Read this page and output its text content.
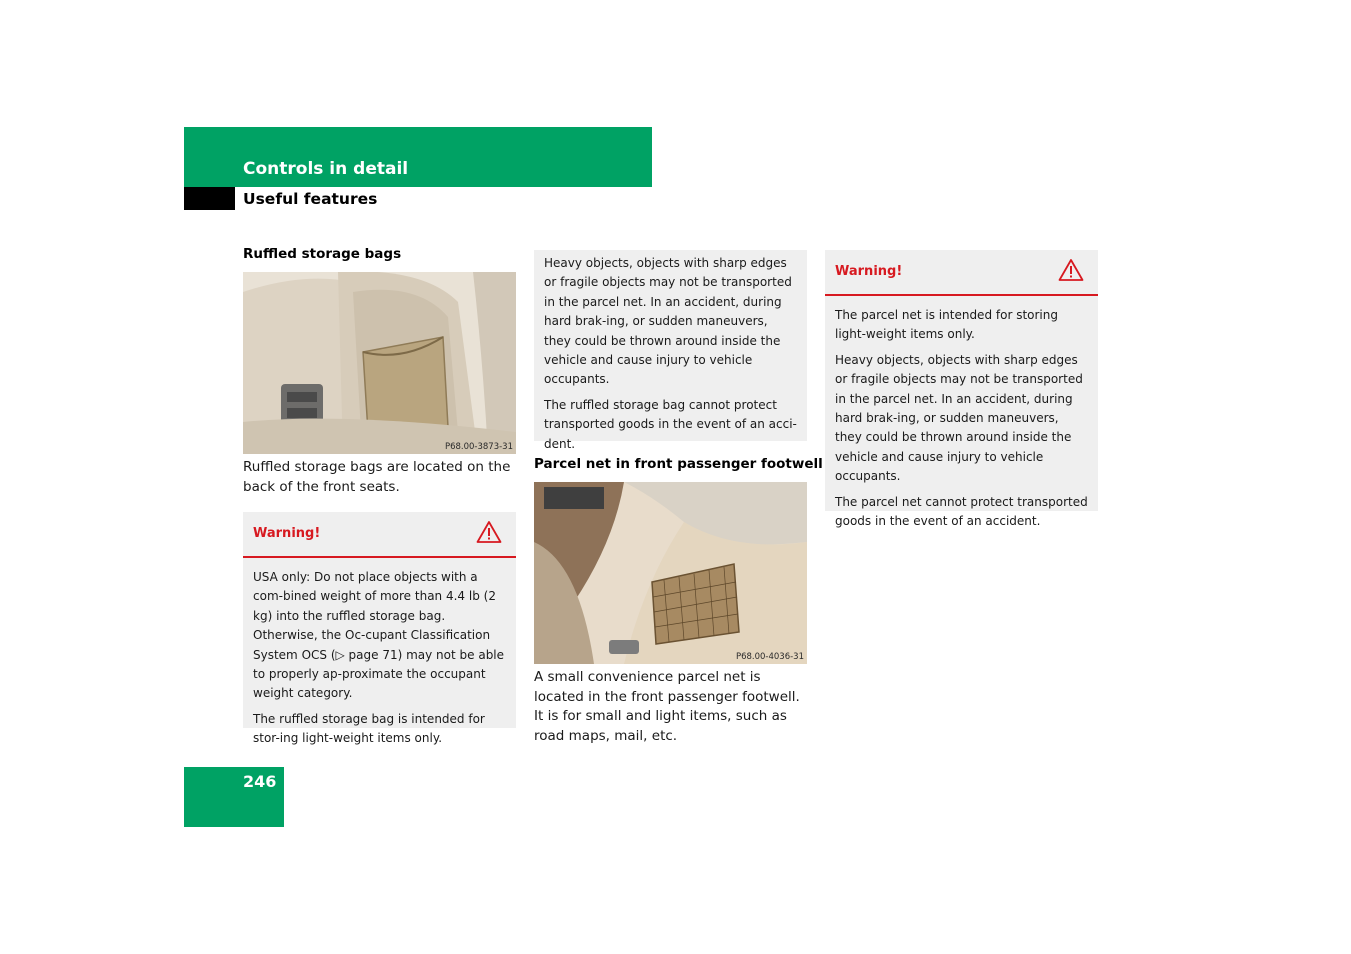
Controls in detail
Useful features
Ruffled storage bags
P68.00-3873-31
Ruffled storage bags are located on the back of the front seats.
Warning!

USA only: Do not place objects with a com-bined weight of more than 4.4 lb (2 kg) into the ruffled storage bag. Otherwise, the Oc-cupant Classification System OCS (▷ page 71) may not be able to properly ap-proximate the occupant weight category.

The ruffled storage bag is intended for stor-ing light-weight items only.

Heavy objects, objects with sharp edges or fragile objects may not be transported in the parcel net. In an accident, during hard brak-ing, or sudden maneuvers, they could be thrown around inside the vehicle and cause injury to vehicle occupants.

The ruffled storage bag cannot protect transported goods in the event of an acci-dent.

Parcel net in front passenger footwell
P68.00-4036-31
A small convenience parcel net is located in the front passenger footwell. It is for small and light items, such as road maps, mail, etc.
Warning!

The parcel net is intended for storing light-weight items only.

Heavy objects, objects with sharp edges or fragile objects may not be transported in the parcel net. In an accident, during hard brak-ing, or sudden maneuvers, they could be thrown around inside the vehicle and cause injury to vehicle occupants.

The parcel net cannot protect transported goods in the event of an accident.

246
